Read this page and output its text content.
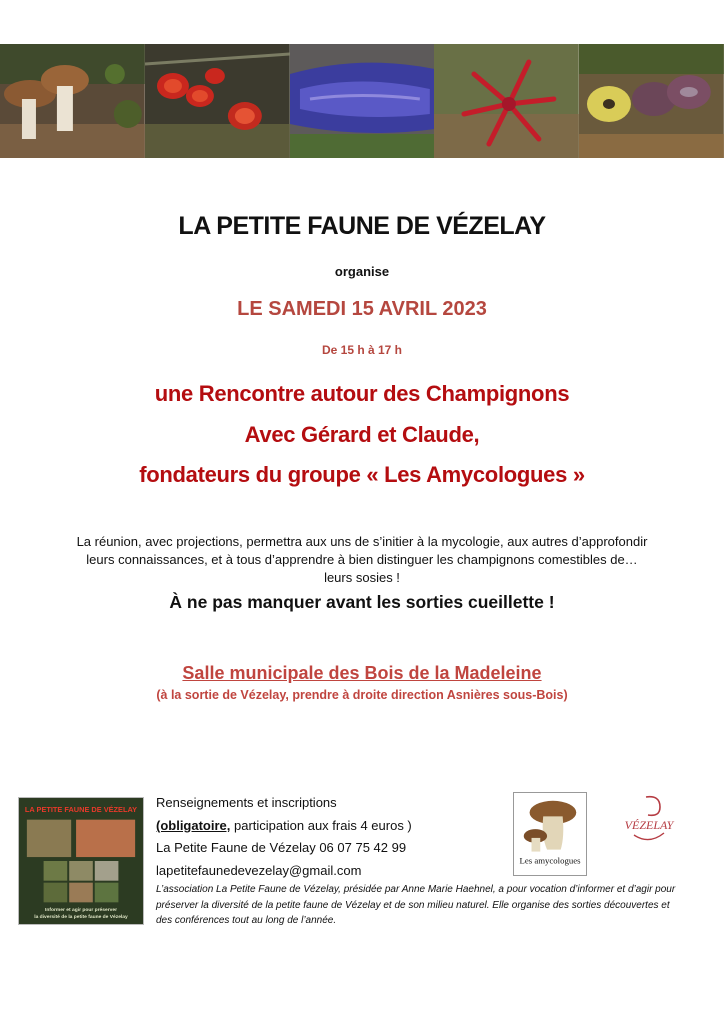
LA PETITE FAUNE DE VÉZELAY
organise
LE SAMEDI 15 AVRIL 2023
De 15 h à 17 h
une Rencontre autour des Champignons
Avec Gérard et Claude,
fondateurs du groupe « Les Amycologues »
La réunion, avec projections, permettra aux uns de s’initier à la mycologie, aux autres d’approfondir
leurs connaissances, et à tous d’apprendre à bien distinguer les champignons comestibles de…
leurs sosies !
À ne pas manquer avant les sorties cueillette !
Salle municipale des Bois de la Madeleine
(à la sortie de Vézelay, prendre à droite direction Asnières sous-Bois)
LA PETITE FAUNE DE VÉZELAY
Informer et agir pour préserver
la diversité de la petite faune de Vézelay
Renseignements et inscriptions
(obligatoire, participation aux frais 4 euros )
La Petite Faune de Vézelay 06 07 75 42 99
lapetitefaunedevezelay@gmail.com
L’association La Petite Faune de Vézelay, présidée par Anne Marie Haehnel, a pour vocation d’informer et d’agir pour préserver la diversité de la petite faune de Vézelay et de son milieu naturel. Elle organise des sorties découvertes et des conférences tout au long de l’année.
Les amycologues
VÉZELAY
